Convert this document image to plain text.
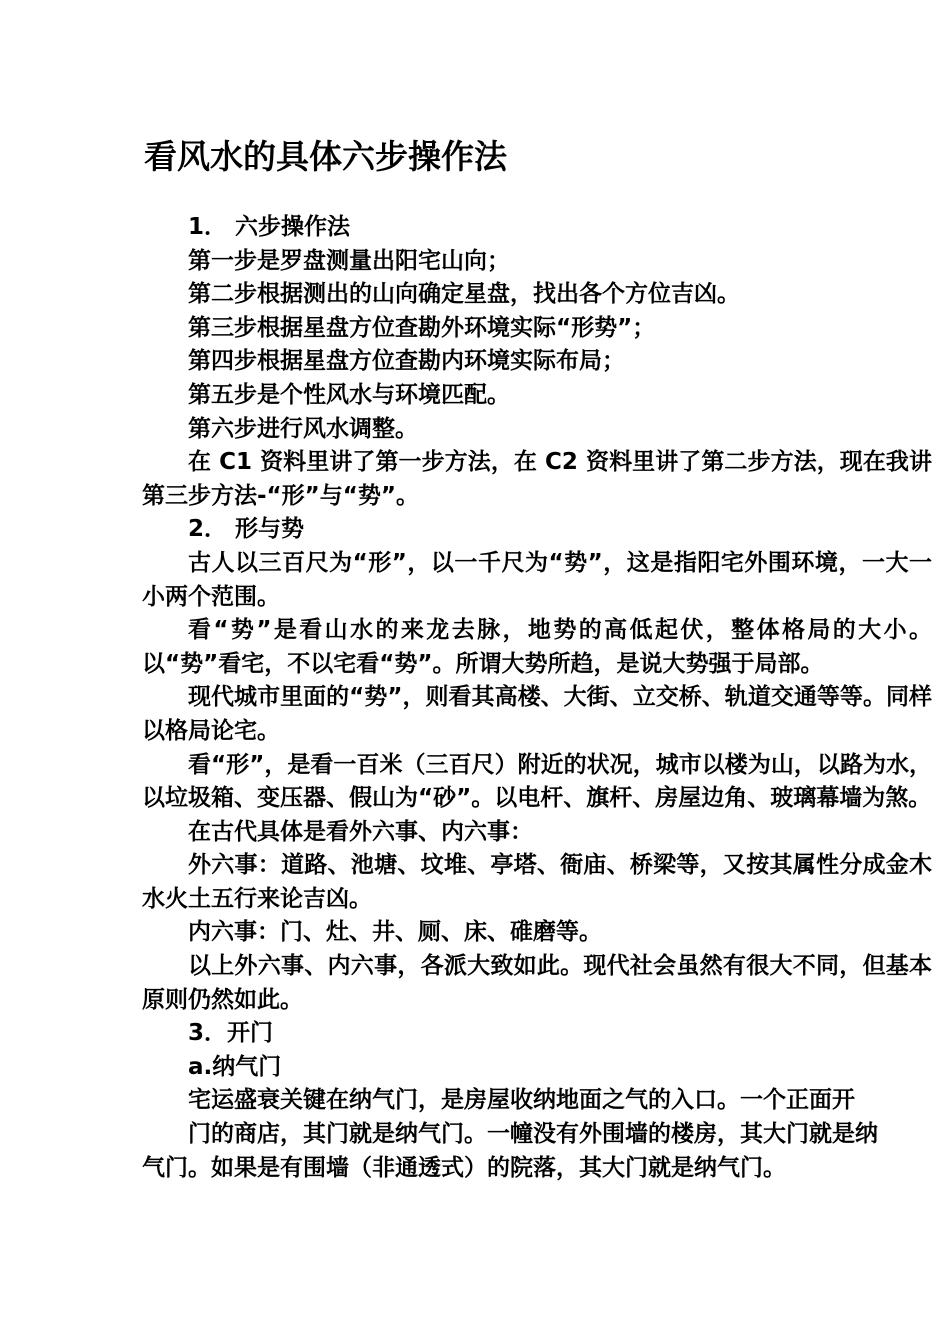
看风水的具体六步操作法

1． 六步操作法

第一步是罗盘测量出阳宅山向；

第二步根据测出的山向确定星盘，找出各个方位吉凶。

第三步根据星盘方位查勘外环境实际“形势”；

第四步根据星盘方位查勘内环境实际布局；

第五步是个性风水与环境匹配。

第六步进行风水调整。

在 C1 资料里讲了第一步方法，在 C2 资料里讲了第二步方法，现在我讲第三步方法-“形”与“势”。

2． 形与势

古人以三百尺为“形”，以一千尺为“势”，这是指阳宅外围环境，一大一小两个范围。

看“势”是看山水的来龙去脉，地势的高低起伏，整体格局的大小。以“势”看宅，不以宅看“势”。所谓大势所趋，是说大势强于局部。

现代城市里面的“势”，则看其高楼、大街、立交桥、轨道交通等等。同样以格局论宅。

看“形”，是看一百米（三百尺）附近的状况，城市以楼为山，以路为水，以垃圾箱、变压器、假山为“砂”。以电杆、旗杆、房屋边角、玻璃幕墙为煞。

在古代具体是看外六事、内六事：

外六事：道路、池塘、坟堆、亭塔、衙庙、桥梁等，又按其属性分成金木水火土五行来论吉凶。

内六事：门、灶、井、厕、床、碓磨等。

以上外六事、内六事，各派大致如此。现代社会虽然有很大不同，但基本原则仍然如此。

3．开门

a.纳气门

宅运盛衰关键在纳气门，是房屋收纳地面之气的入口。一个正面开
门的商店，其门就是纳气门。一幢没有外围墙的楼房，其大门就是纳
气门。如果是有围墙（非通透式）的院落，其大门就是纳气门。
